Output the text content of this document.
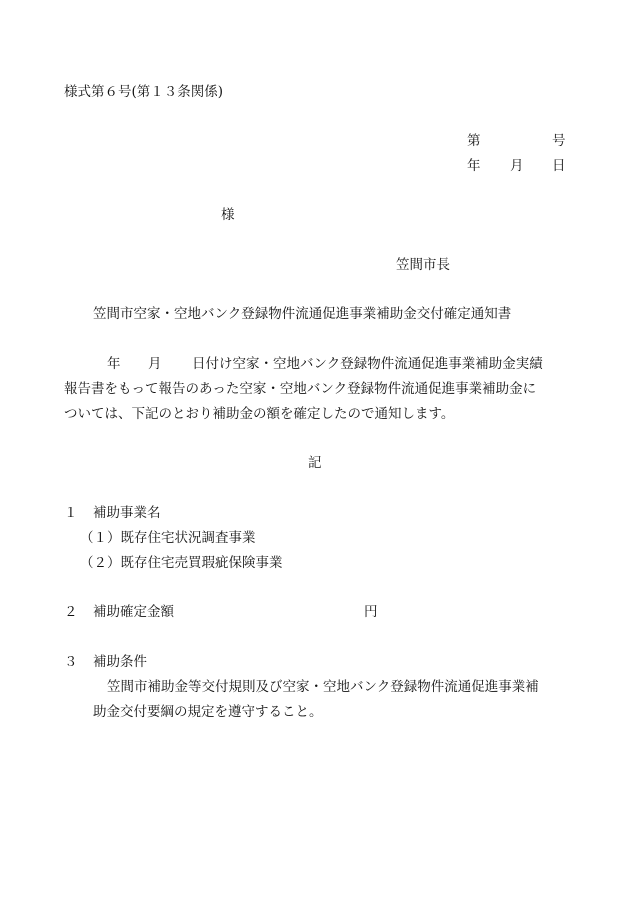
様式第６号(第１３条関係)
第	号
年 月 日
様
笠間市長
笠間市空家・空地バンク登録物件流通促進事業補助金交付確定通知書
年 月 日付け空家・空地バンク登録物件流通促進事業補助金実績
報告書をもって報告のあった空家・空地バンク登録物件流通促進事業補助金に
ついては、下記のとおり補助金の額を確定したので通知します。
記
１ 補助事業名
（１）既存住宅状況調査事業
（２）既存住宅売買瑕疵保険事業
２ 補助確定金額	円
３ 補助条件
笠間市補助金等交付規則及び空家・空地バンク登録物件流通促進事業補
助金交付要綱の規定を遵守すること。
